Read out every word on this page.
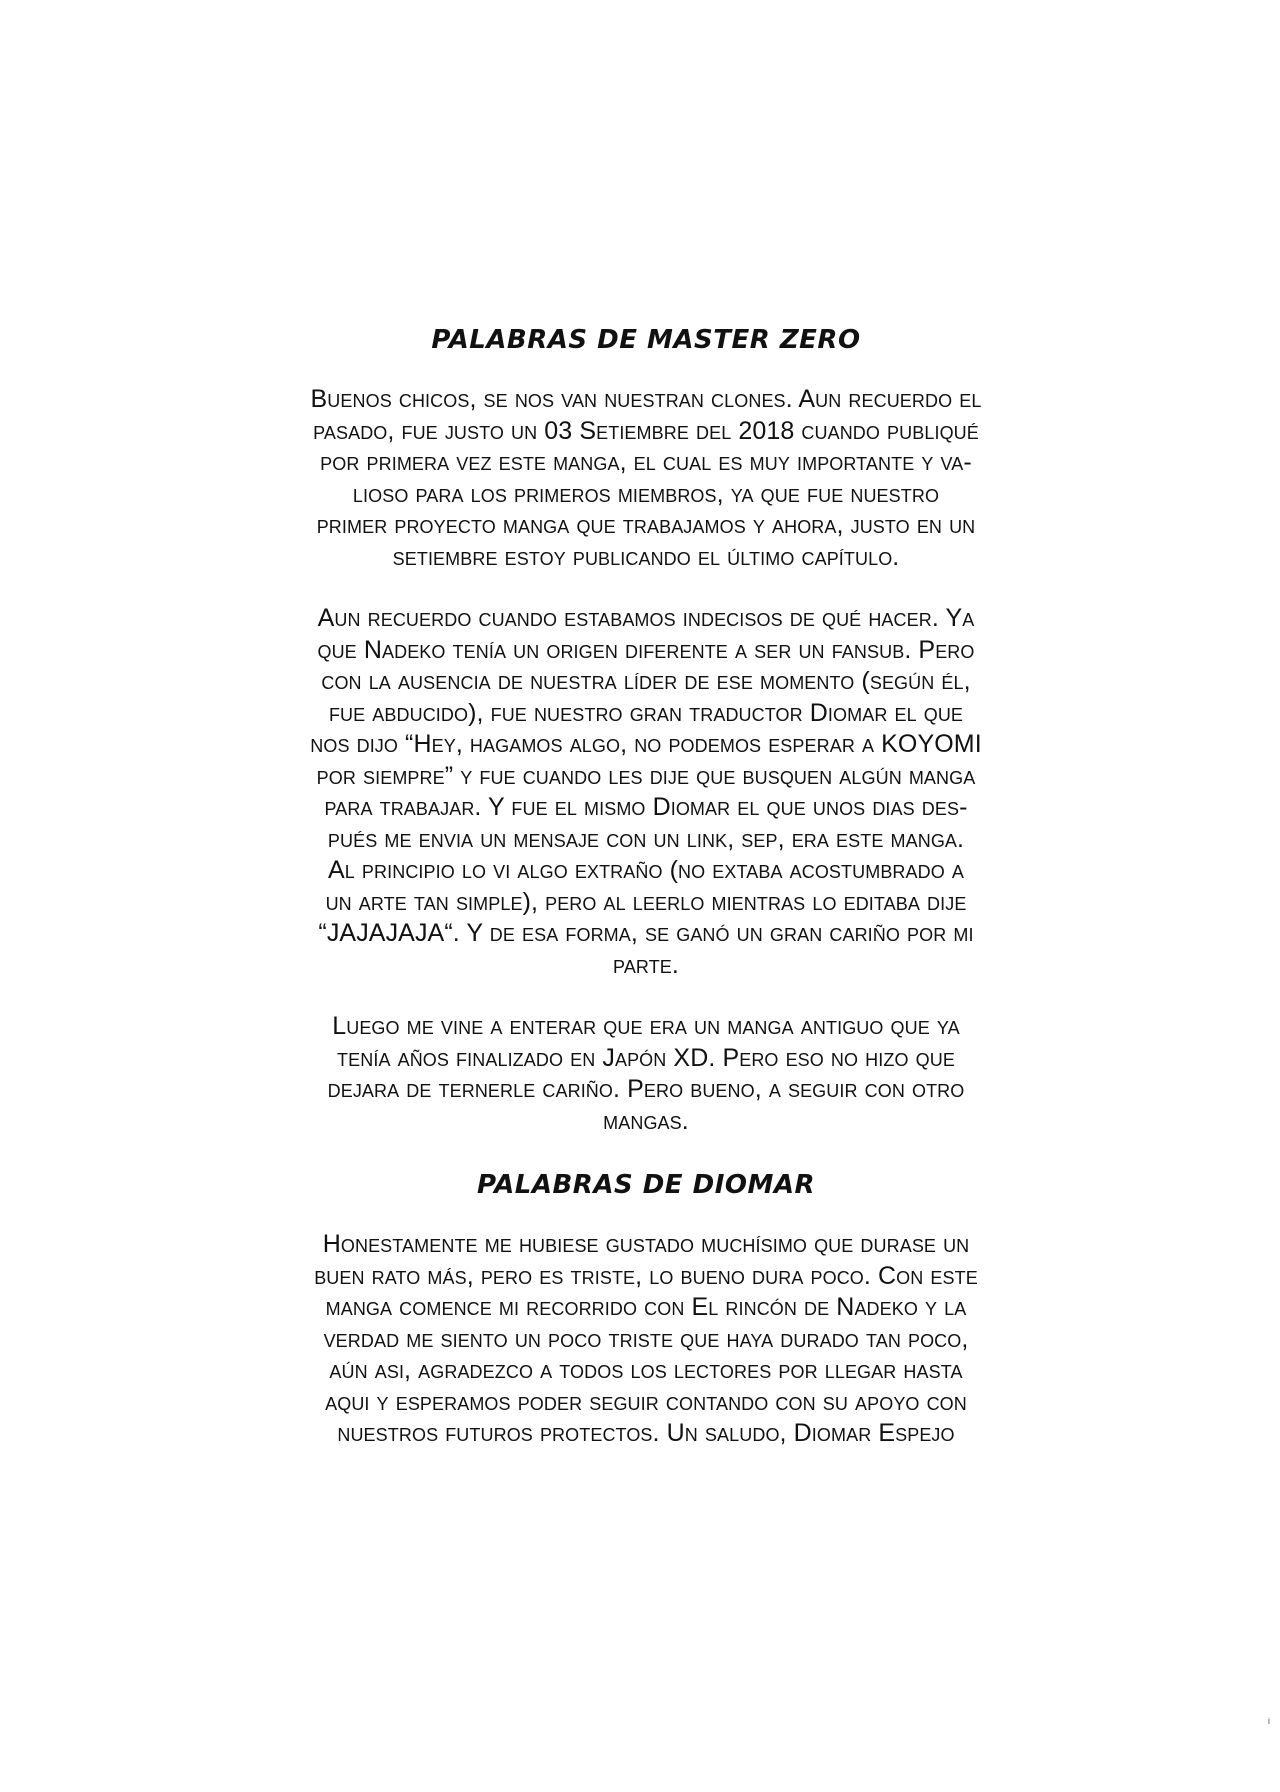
PALABRAS DE MASTER ZERO
Buenos chicos, se nos van nuestran clones. Aun recuerdo el
pasado, fue justo un 03 Setiembre del 2018 cuando publiqué
por primera vez este manga, el cual es muy importante y va-
lioso para los primeros miembros, ya que fue nuestro
primer proyecto manga que trabajamos y ahora, justo en un
setiembre estoy publicando el último capítulo.
Aun recuerdo cuando estabamos indecisos de qué hacer. Ya
que Nadeko tenía un origen diferente a ser un fansub. Pero
con la ausencia de nuestra líder de ese momento (según él,
fue abducido), fue nuestro gran traductor Diomar el que
nos dijo “Hey, hagamos algo, no podemos esperar a KOYOMI
por siempre” y fue cuando les dije que busquen algún manga
para trabajar. Y fue el mismo Diomar el que unos dias des-
pués me envia un mensaje con un link, sep, era este manga.
Al principio lo vi algo extraño (no extaba acostumbrado a
un arte tan simple), pero al leerlo mientras lo editaba dije
“JAJAJAJA“. Y de esa forma, se ganó un gran cariño por mi
parte.
Luego me vine a enterar que era un manga antiguo que ya
tenía años finalizado en Japón XD. Pero eso no hizo que
dejara de ternerle cariño. Pero bueno, a seguir con otro
mangas.
PALABRAS DE DIOMAR
Honestamente me hubiese gustado muchísimo que durase un
buen rato más, pero es triste, lo bueno dura poco. Con este
manga comence mi recorrido con El rincón de Nadeko y la
verdad me siento un poco triste que haya durado tan poco,
aún asi, agradezco a todos los lectores por llegar hasta
aqui y esperamos poder seguir contando con su apoyo con
nuestros futuros protectos. Un saludo, Diomar Espejo
ᵢ
